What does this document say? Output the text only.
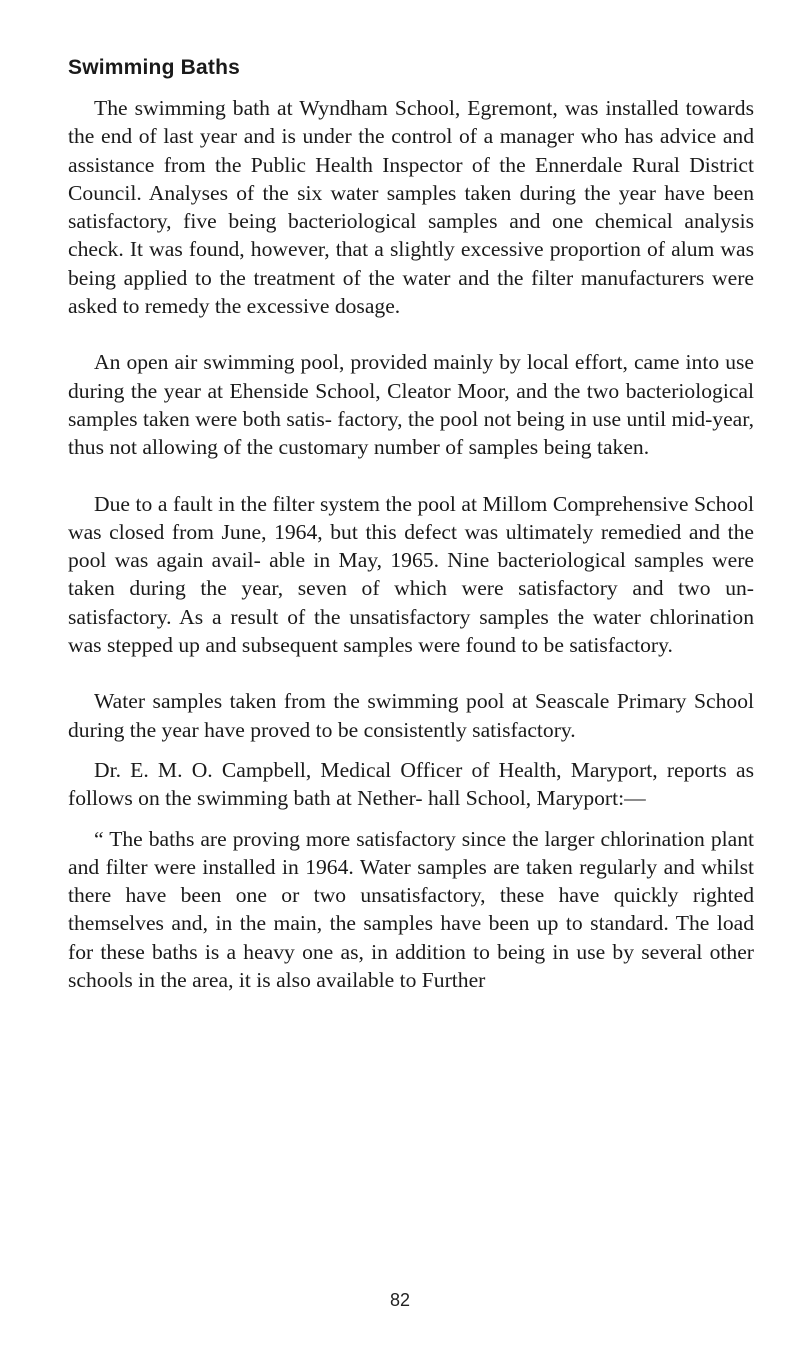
Swimming Baths

The swimming bath at Wyndham School, Egremont, was installed towards the end of last year and is under the control of a manager who has advice and assistance from the Public Health Inspector of the Ennerdale Rural District Council. Analyses of the six water samples taken during the year have been satisfactory, five being bacteriological samples and one chemical analysis check. It was found, however, that a slightly excessive proportion of alum was being applied to the treatment of the water and the filter manufacturers were asked to remedy the excessive dosage.

An open air swimming pool, provided mainly by local effort, came into use during the year at Ehenside School, Cleator Moor, and the two bacteriological samples taken were both satis- factory, the pool not being in use until mid-year, thus not allowing of the customary number of samples being taken.

Due to a fault in the filter system the pool at Millom Comprehensive School was closed from June, 1964, but this defect was ultimately remedied and the pool was again avail- able in May, 1965. Nine bacteriological samples were taken during the year, seven of which were satisfactory and two un- satisfactory. As a result of the unsatisfactory samples the water chlorination was stepped up and subsequent samples were found to be satisfactory.

Water samples taken from the swimming pool at Seascale Primary School during the year have proved to be consistently satisfactory.

Dr. E. M. O. Campbell, Medical Officer of Health, Maryport, reports as follows on the swimming bath at Nether- hall School, Maryport:—

“ The baths are proving more satisfactory since the larger chlorination plant and filter were installed in 1964. Water samples are taken regularly and whilst there have been one or two unsatisfactory, these have quickly righted themselves and, in the main, the samples have been up to standard. The load for these baths is a heavy one as, in addition to being in use by several other schools in the area, it is also available to Further

82
